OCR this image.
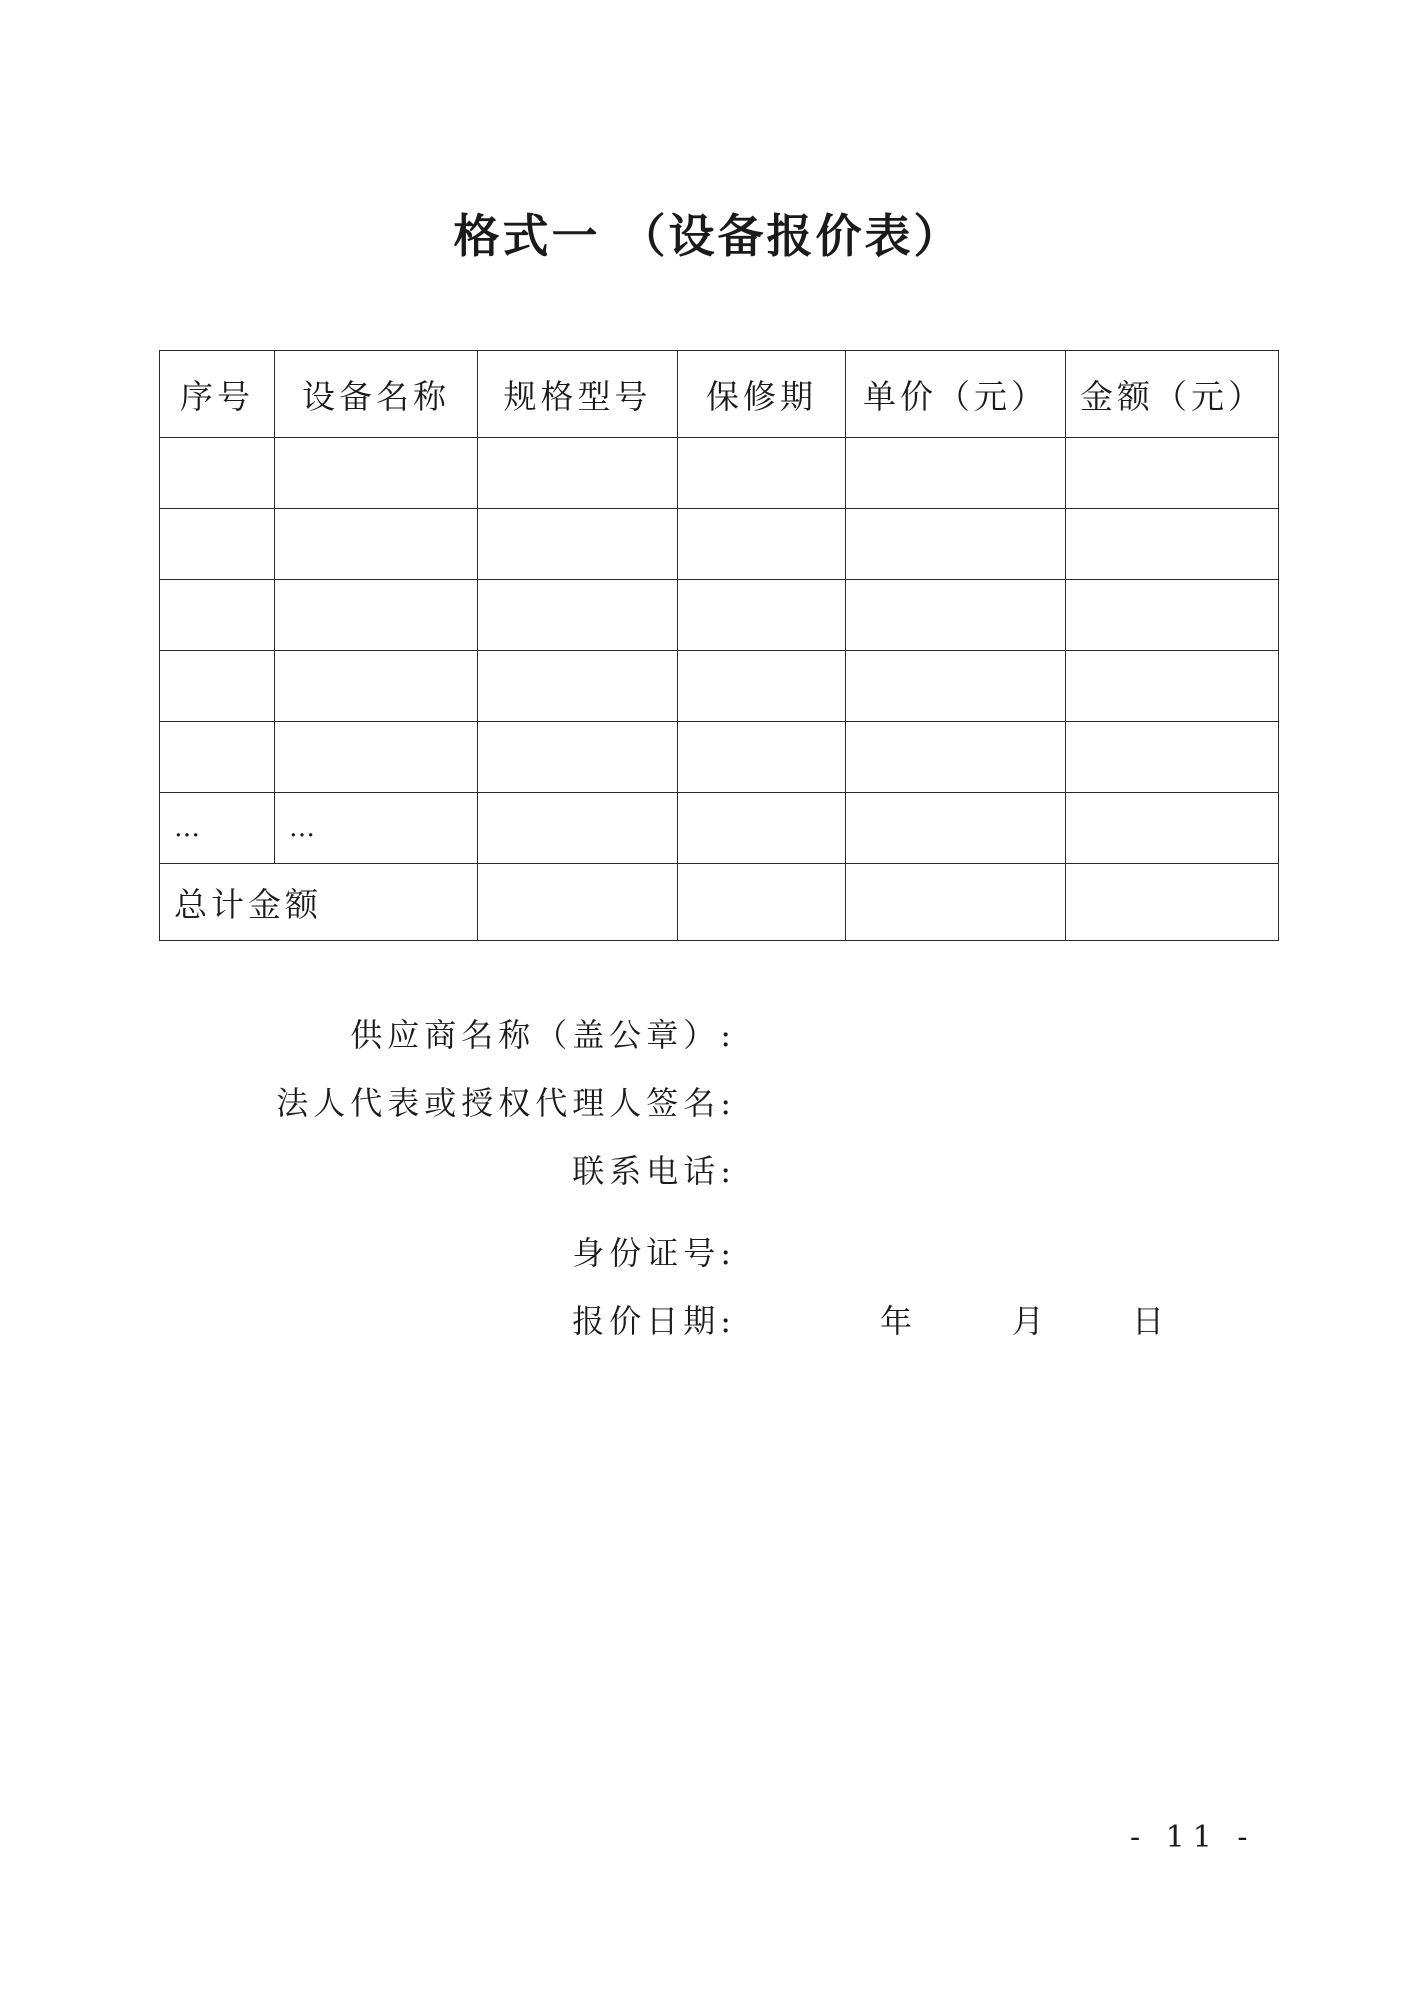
格式一 （设备报价表）
序号	设备名称	规格型号	保修期	单价（元）	金额（元）

…	…				
总计金额					
供应商名称（盖公章）:
法人代表或授权代理人签名:
联系电话:
身份证号:
报价日期:	年	月	日
- 11 -
